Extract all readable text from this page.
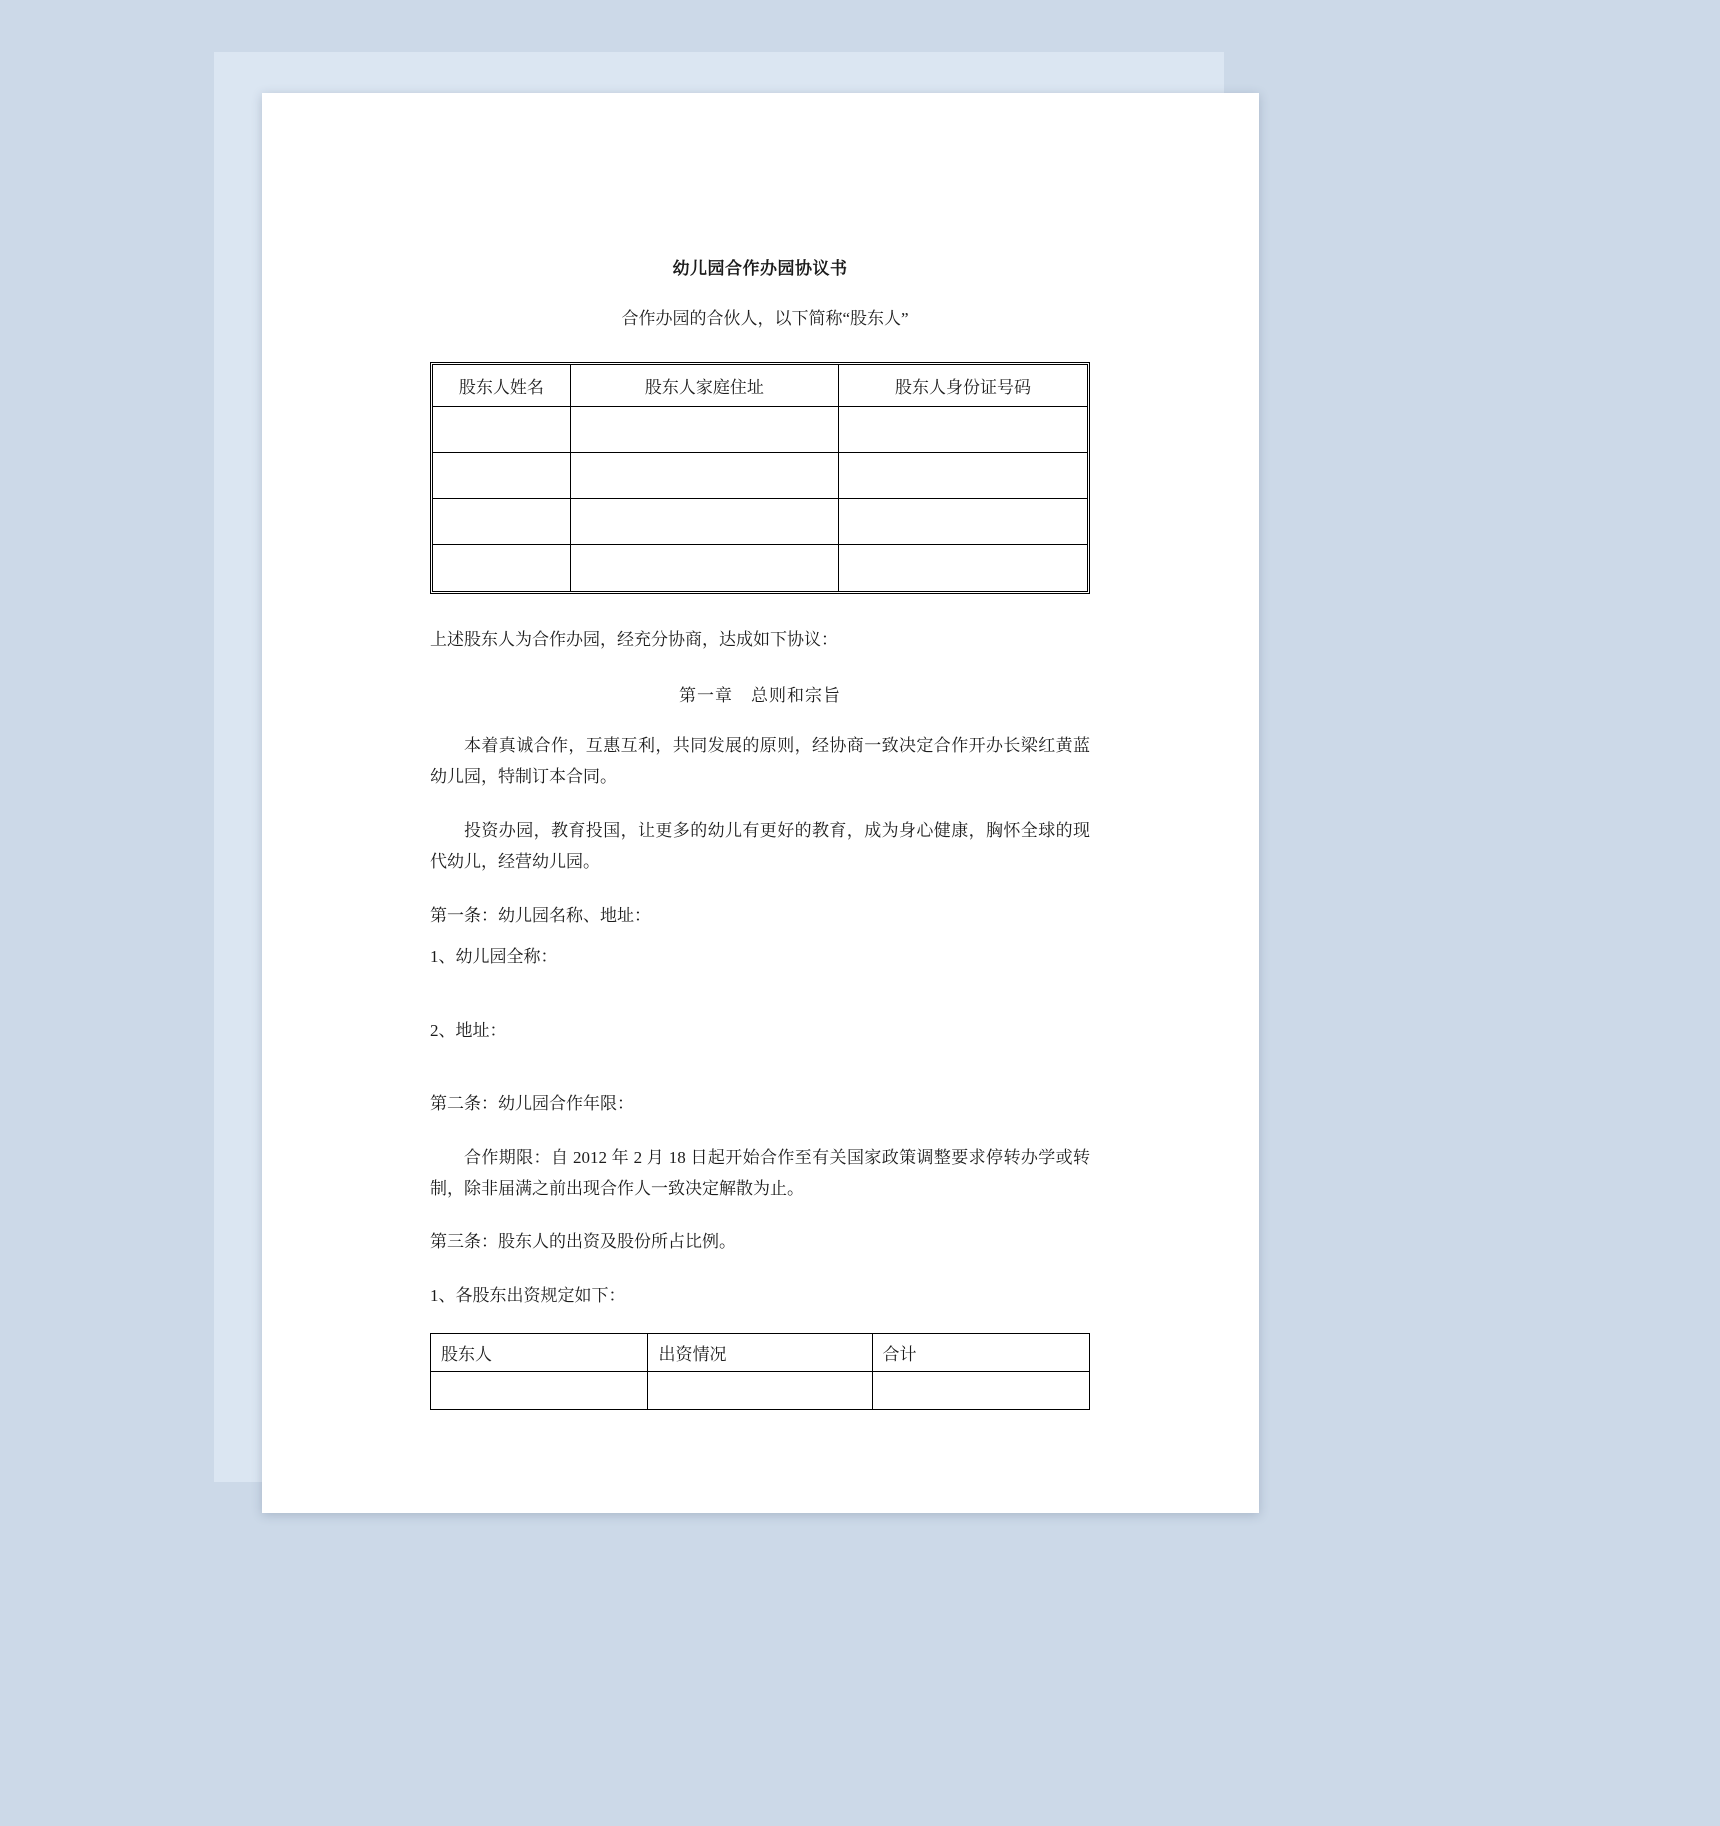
幼儿园合作办园协议书

合作办园的合伙人，以下简称“股东人”

股东人姓名	股东人家庭住址	股东人身份证号码

上述股东人为合作办园，经充分协商，达成如下协议：

第一章　总则和宗旨

本着真诚合作，互惠互利，共同发展的原则，经协商一致决定合作开办长梁红黄蓝幼儿园，特制订本合同。

投资办园，教育投国，让更多的幼儿有更好的教育，成为身心健康，胸怀全球的现代幼儿，经营幼儿园。

第一条：幼儿园名称、地址：

1、幼儿园全称：

2、地址：

第二条：幼儿园合作年限：

合作期限：自 2012 年 2 月 18 日起开始合作至有关国家政策调整要求停转办学或转制，除非届满之前出现合作人一致决定解散为止。

第三条：股东人的出资及股份所占比例。

1、各股东出资规定如下：

股东人	出资情况	合计
